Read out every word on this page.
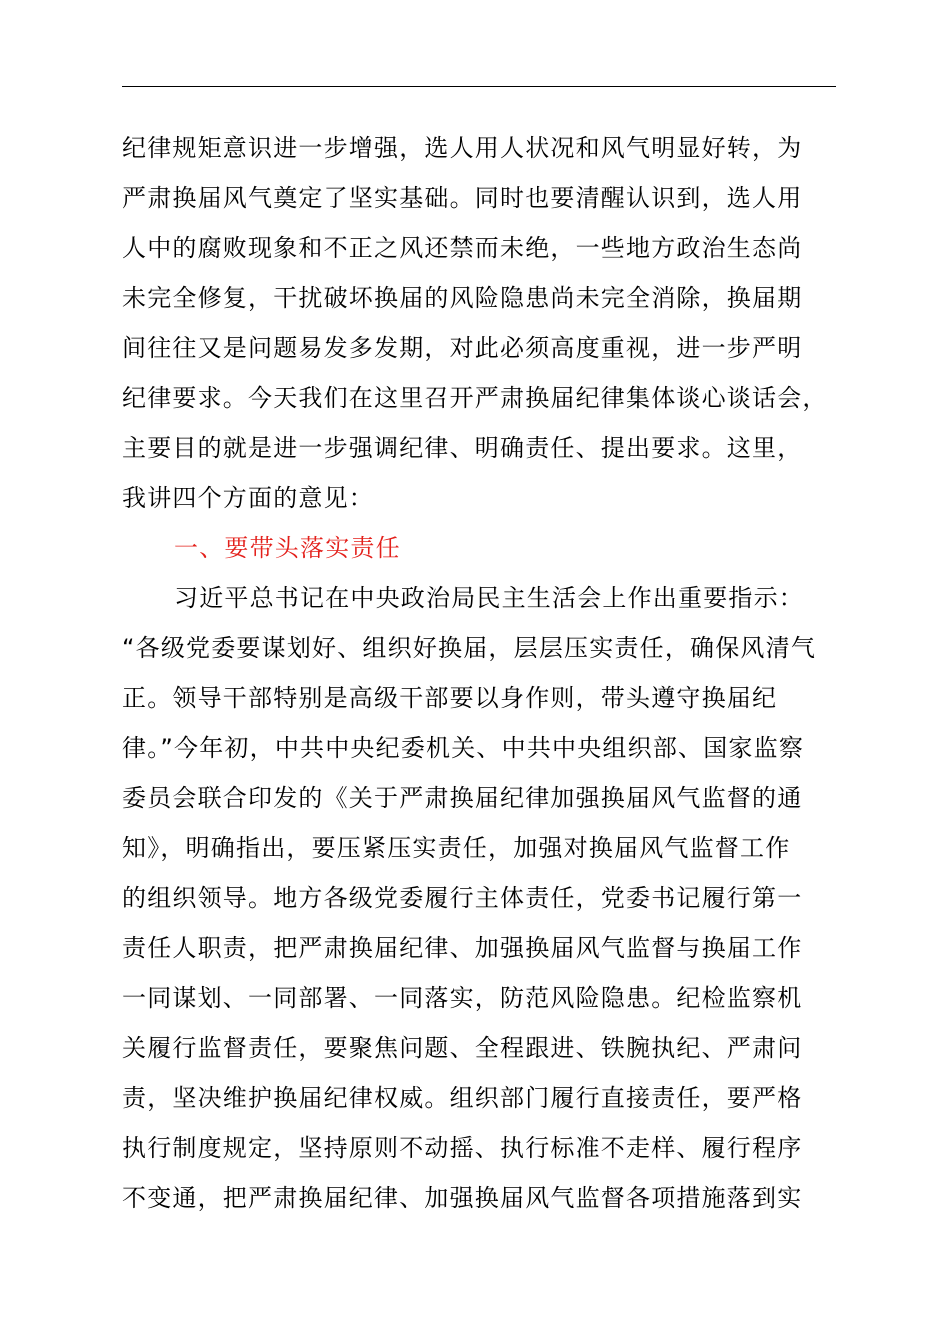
纪律规矩意识进一步增强，选人用人状况和风气明显好转，为
严肃换届风气奠定了坚实基础。同时也要清醒认识到，选人用
人中的腐败现象和不正之风还禁而未绝，一些地方政治生态尚
未完全修复，干扰破坏换届的风险隐患尚未完全消除，换届期
间往往又是问题易发多发期，对此必须高度重视，进一步严明
纪律要求。今天我们在这里召开严肃换届纪律集体谈心谈话会，
主要目的就是进一步强调纪律、明确责任、提出要求。这里，
我讲四个方面的意见：
一、要带头落实责任
习近平总书记在中央政治局民主生活会上作出重要指示：
“各级党委要谋划好、组织好换届，层层压实责任，确保风清气
正。领导干部特别是高级干部要以身作则，带头遵守换届纪
律。”今年初，中共中央纪委机关、中共中央组织部、国家监察
委员会联合印发的《关于严肃换届纪律加强换届风气监督的通
知》，明确指出，要压紧压实责任，加强对换届风气监督工作
的组织领导。地方各级党委履行主体责任，党委书记履行第一
责任人职责，把严肃换届纪律、加强换届风气监督与换届工作
一同谋划、一同部署、一同落实，防范风险隐患。纪检监察机
关履行监督责任，要聚焦问题、全程跟进、铁腕执纪、严肃问
责，坚决维护换届纪律权威。组织部门履行直接责任，要严格
执行制度规定，坚持原则不动摇、执行标准不走样、履行程序
不变通，把严肃换届纪律、加强换届风气监督各项措施落到实
